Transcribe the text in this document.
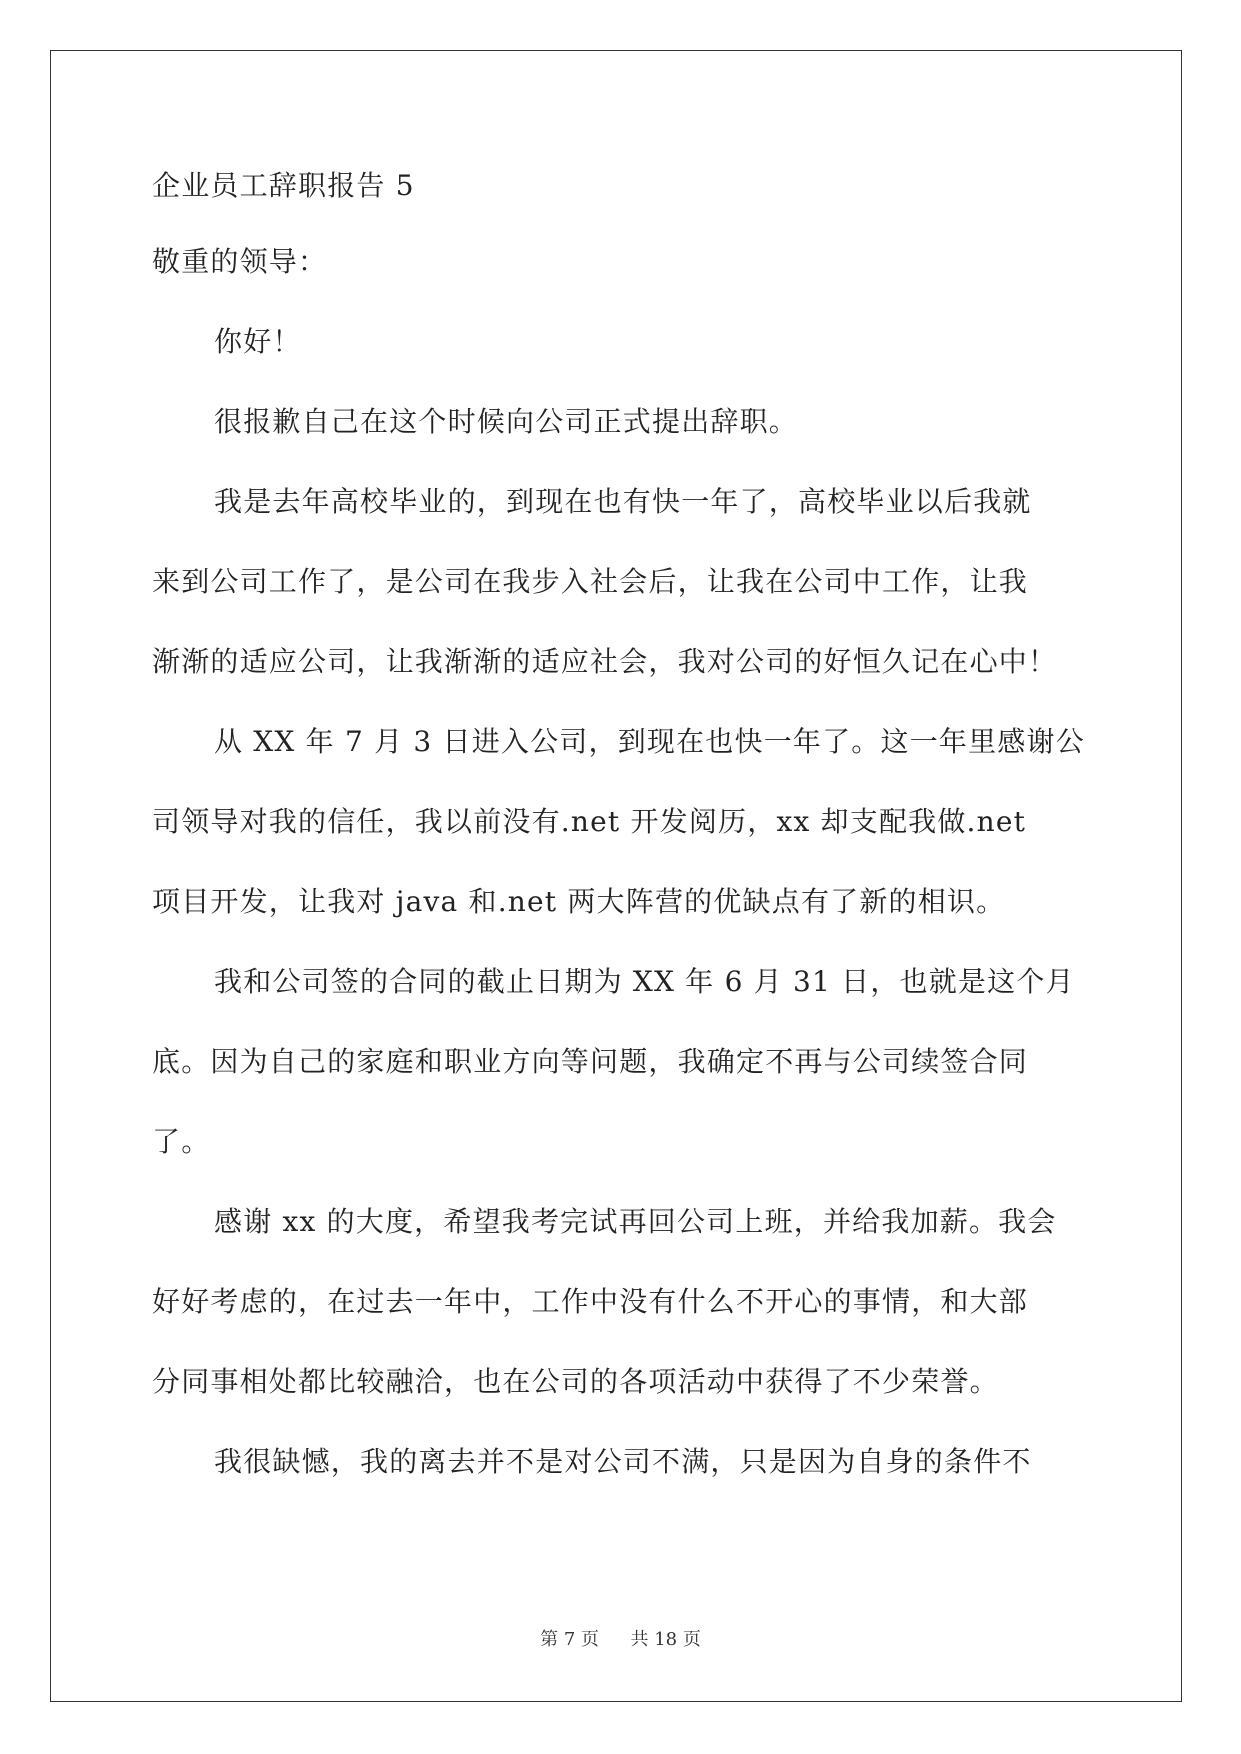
企业员工辞职报告 5
敬重的领导：
你好！
很报歉自己在这个时候向公司正式提出辞职。
我是去年高校毕业的，到现在也有快一年了，高校毕业以后我就
来到公司工作了，是公司在我步入社会后，让我在公司中工作，让我
渐渐的适应公司，让我渐渐的适应社会，我对公司的好恒久记在心中！
从 XX 年 7 月 3 日进入公司，到现在也快一年了。这一年里感谢公
司领导对我的信任，我以前没有.net 开发阅历，xx 却支配我做.net
项目开发，让我对 java 和.net 两大阵营的优缺点有了新的相识。
我和公司签的合同的截止日期为 XX 年 6 月 31 日，也就是这个月
底。因为自己的家庭和职业方向等问题，我确定不再与公司续签合同
了。
感谢 xx 的大度，希望我考完试再回公司上班，并给我加薪。我会
好好考虑的，在过去一年中，工作中没有什么不开心的事情，和大部
分同事相处都比较融洽，也在公司的各项活动中获得了不少荣誉。
我很缺憾，我的离去并不是对公司不满，只是因为自身的条件不
第 7 页 共 18 页
